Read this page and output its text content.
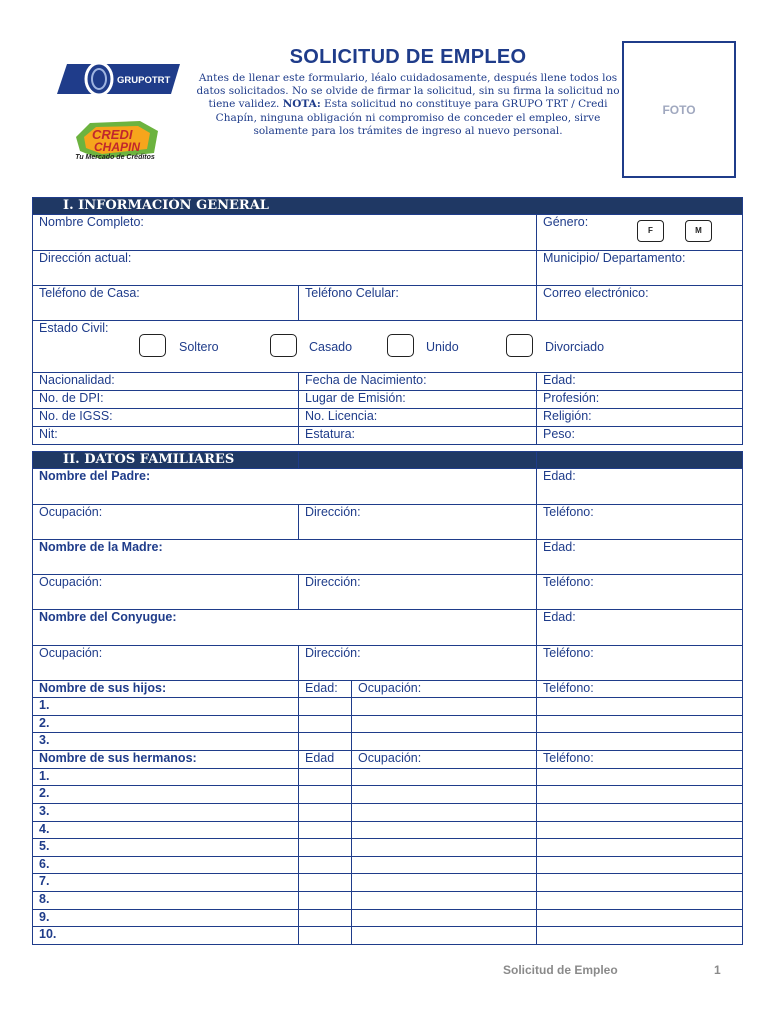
GRUPOTRT
CREDI
CHAPIN
Tu Mercado de Créditos
SOLICITUD DE EMPLEO
Antes de llenar este formulario, léalo cuidadosamente, después llene todos los datos solicitados. No se olvide de firmar la solicitud, sin su firma la solicitud no tiene validez. NOTA: Esta solicitud no constituye para GRUPO TRT / Credi Chapín, ninguna obligación ni compromiso de conceder el empleo, sirve solamente para los trámites de ingreso al nuevo personal.
FOTO
I. INFORMACIÓN GENERAL		
Nombre Completo:		Género:
F M

Dirección actual:		Municipio/ Departamento:
Teléfono de Casa:	Teléfono Celular:	Correo electrónico:
Estado Civil:
Soltero Casado Unido Divorciado		

Nacionalidad:	Fecha de Nacimiento:	Edad:
No. de DPI:	Lugar de Emisión:	Profesión:
No. de IGSS:	No. Licencia:	Religión:
Nit:	Estatura:	Peso:
II. DATOS FAMILIARES			
Nombre del Padre:			Edad:
Ocupación:	Dirección:		Teléfono:
Nombre de la Madre:			Edad:
Ocupación:	Dirección:		Teléfono:
Nombre del Conyugue:			Edad:
Ocupación:	Dirección:		Teléfono:
Nombre de sus hijos:	Edad:	Ocupación:	Teléfono:
1.			
2.			
3.			
Nombre de sus hermanos:	Edad	Ocupación:	Teléfono:
1.			
2.			
3.			
4.			
5.			
6.			
7.			
8.			
9.			
10.			
Solicitud de Empleo	1
